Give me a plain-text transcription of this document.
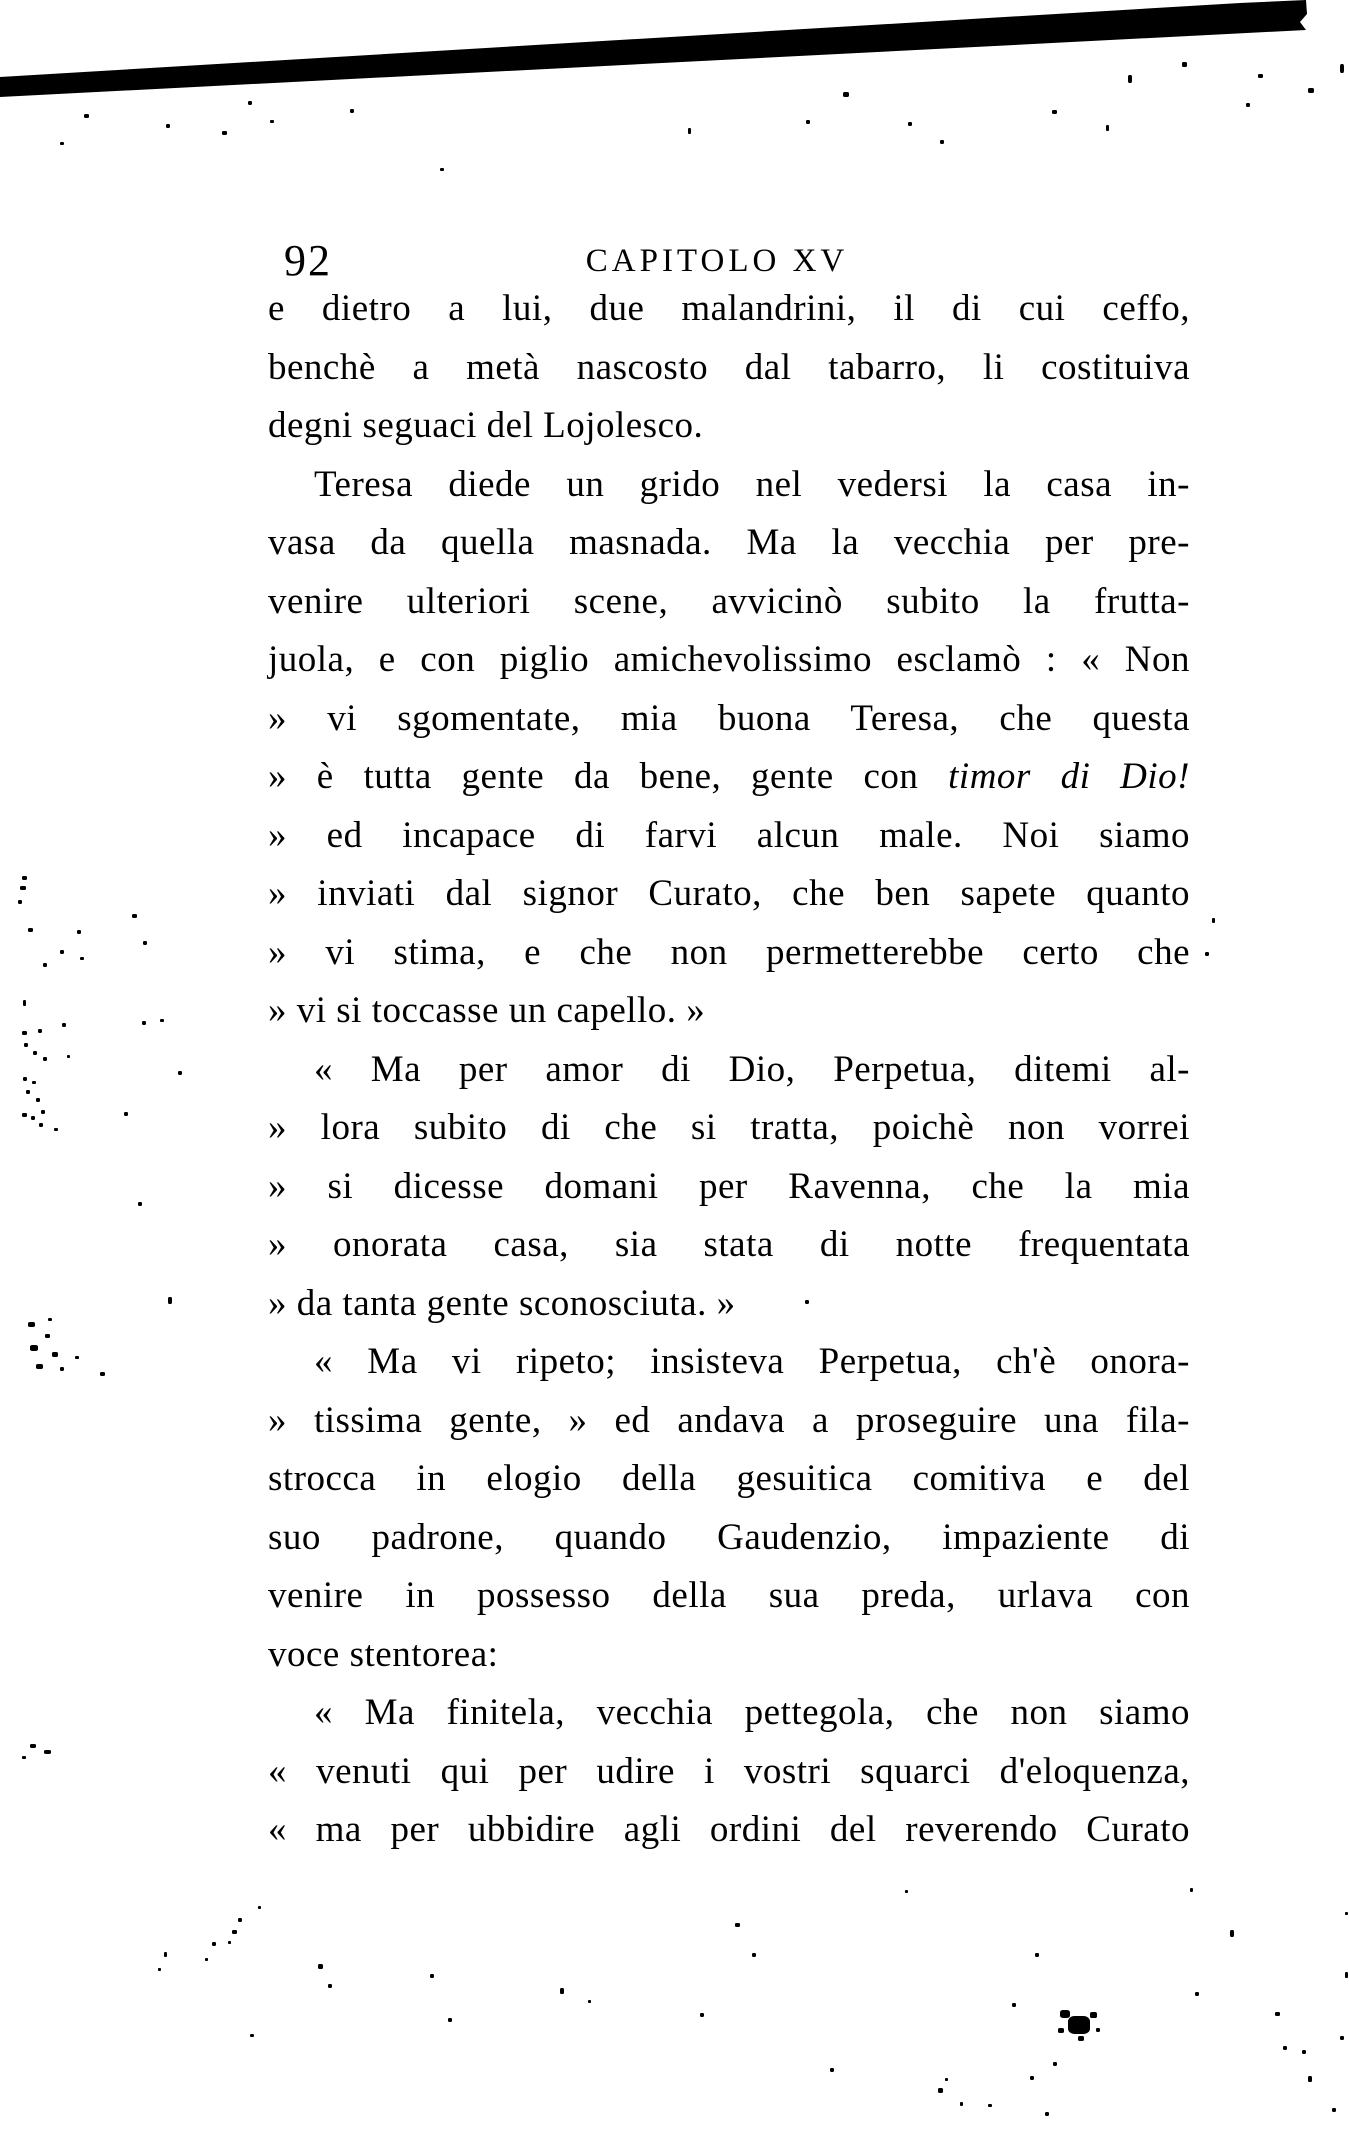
92	CAPITOLO XV
e dietro a lui, due malandrini, il di cui ceffo,
benchè a metà nascosto dal tabarro, li costituiva
degni seguaci del Lojolesco.
Teresa diede un grido nel vedersi la casa in-
vasa da quella masnada. Ma la vecchia per pre-
venire ulteriori scene, avvicinò subito la frutta-
juola, e con piglio amichevolissimo esclamò : « Non
» vi sgomentate, mia buona Teresa, che questa
» è tutta gente da bene, gente con timor di Dio!
» ed incapace di farvi alcun male. Noi siamo
» inviati dal signor Curato, che ben sapete quanto
» vi stima, e che non permetterebbe certo che
» vi si toccasse un capello. »
« Ma per amor di Dio, Perpetua, ditemi al-
» lora subito di che si tratta, poichè non vorrei
» si dicesse domani per Ravenna, che la mia
» onorata casa, sia stata di notte frequentata
» da tanta gente sconosciuta. »
« Ma vi ripeto; insisteva Perpetua, ch'è onora-
» tissima gente, » ed andava a proseguire una fila-
strocca in elogio della gesuitica comitiva e del
suo padrone, quando Gaudenzio, impaziente di
venire in possesso della sua preda, urlava con
voce stentorea:
« Ma finitela, vecchia pettegola, che non siamo
« venuti qui per udire i vostri squarci d'eloquenza,
« ma per ubbidire agli ordini del reverendo Curato
